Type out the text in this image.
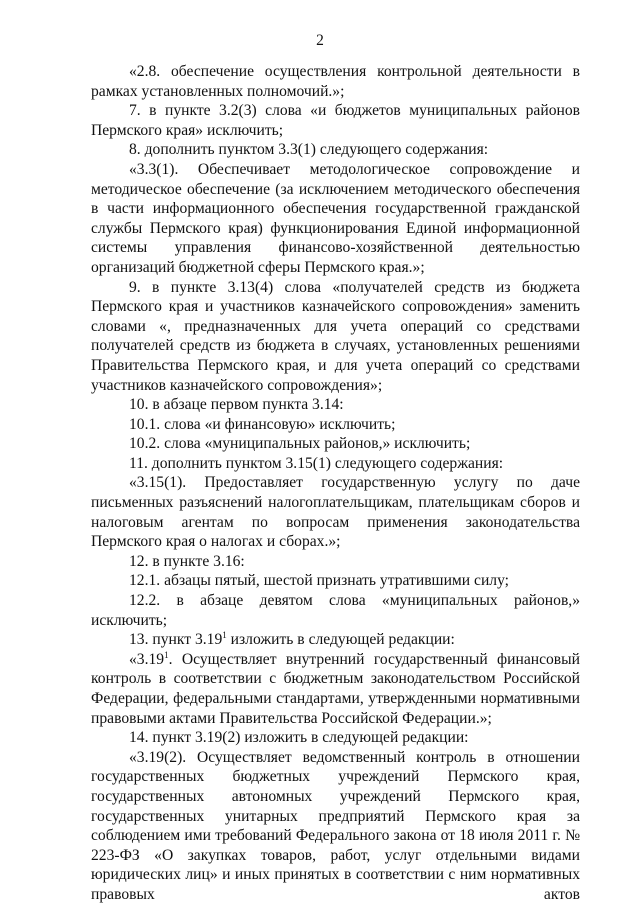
2

«2.8. обеспечение осуществления контрольной деятельности в рамках установленных полномочий.»;

7. в пункте 3.2(3) слова «и бюджетов муниципальных районов Пермского края» исключить;

8. дополнить пунктом 3.3(1) следующего содержания:

«3.3(1). Обеспечивает методологическое сопровождение и методическое обеспечение (за исключением методического обеспечения в части информационного обеспечения государственной гражданской службы Пермского края) функционирования Единой информационной системы управления финансово-хозяйственной деятельностью организаций бюджетной сферы Пермского края.»;

9. в пункте 3.13(4) слова «получателей средств из бюджета Пермского края и участников казначейского сопровождения» заменить словами «, предназначенных для учета операций со средствами получателей средств из бюджета в случаях, установленных решениями Правительства Пермского края, и для учета операций со средствами участников казначейского сопровождения»;

10. в абзаце первом пункта 3.14:

10.1. слова «и финансовую» исключить;

10.2. слова «муниципальных районов,» исключить;

11. дополнить пунктом 3.15(1) следующего содержания:

«3.15(1). Предоставляет государственную услугу по даче письменных разъяснений налогоплательщикам, плательщикам сборов и налоговым агентам по вопросам применения законодательства Пермского края о налогах и сборах.»;

12. в пункте 3.16:

12.1. абзацы пятый, шестой признать утратившими силу;

12.2. в абзаце девятом слова «муниципальных районов,» исключить;

13. пункт 3.19$^1$ изложить в следующей редакции:

«3.19$^1$. Осуществляет внутренний государственный финансовый контроль в соответствии с бюджетным законодательством Российской Федерации, федеральными стандартами, утвержденными нормативными правовыми актами Правительства Российской Федерации.»;

14. пункт 3.19(2) изложить в следующей редакции:

«3.19(2). Осуществляет ведомственный контроль в отношении государственных бюджетных учреждений Пермского края, государственных автономных учреждений Пермского края, государственных унитарных предприятий Пермского края за соблюдением ими требований Федерального закона от 18 июля 2011 г. № 223-ФЗ «О закупках товаров, работ, услуг отдельными видами юридических лиц» и иных принятых в соответствии с ним нормативных правовых актов
